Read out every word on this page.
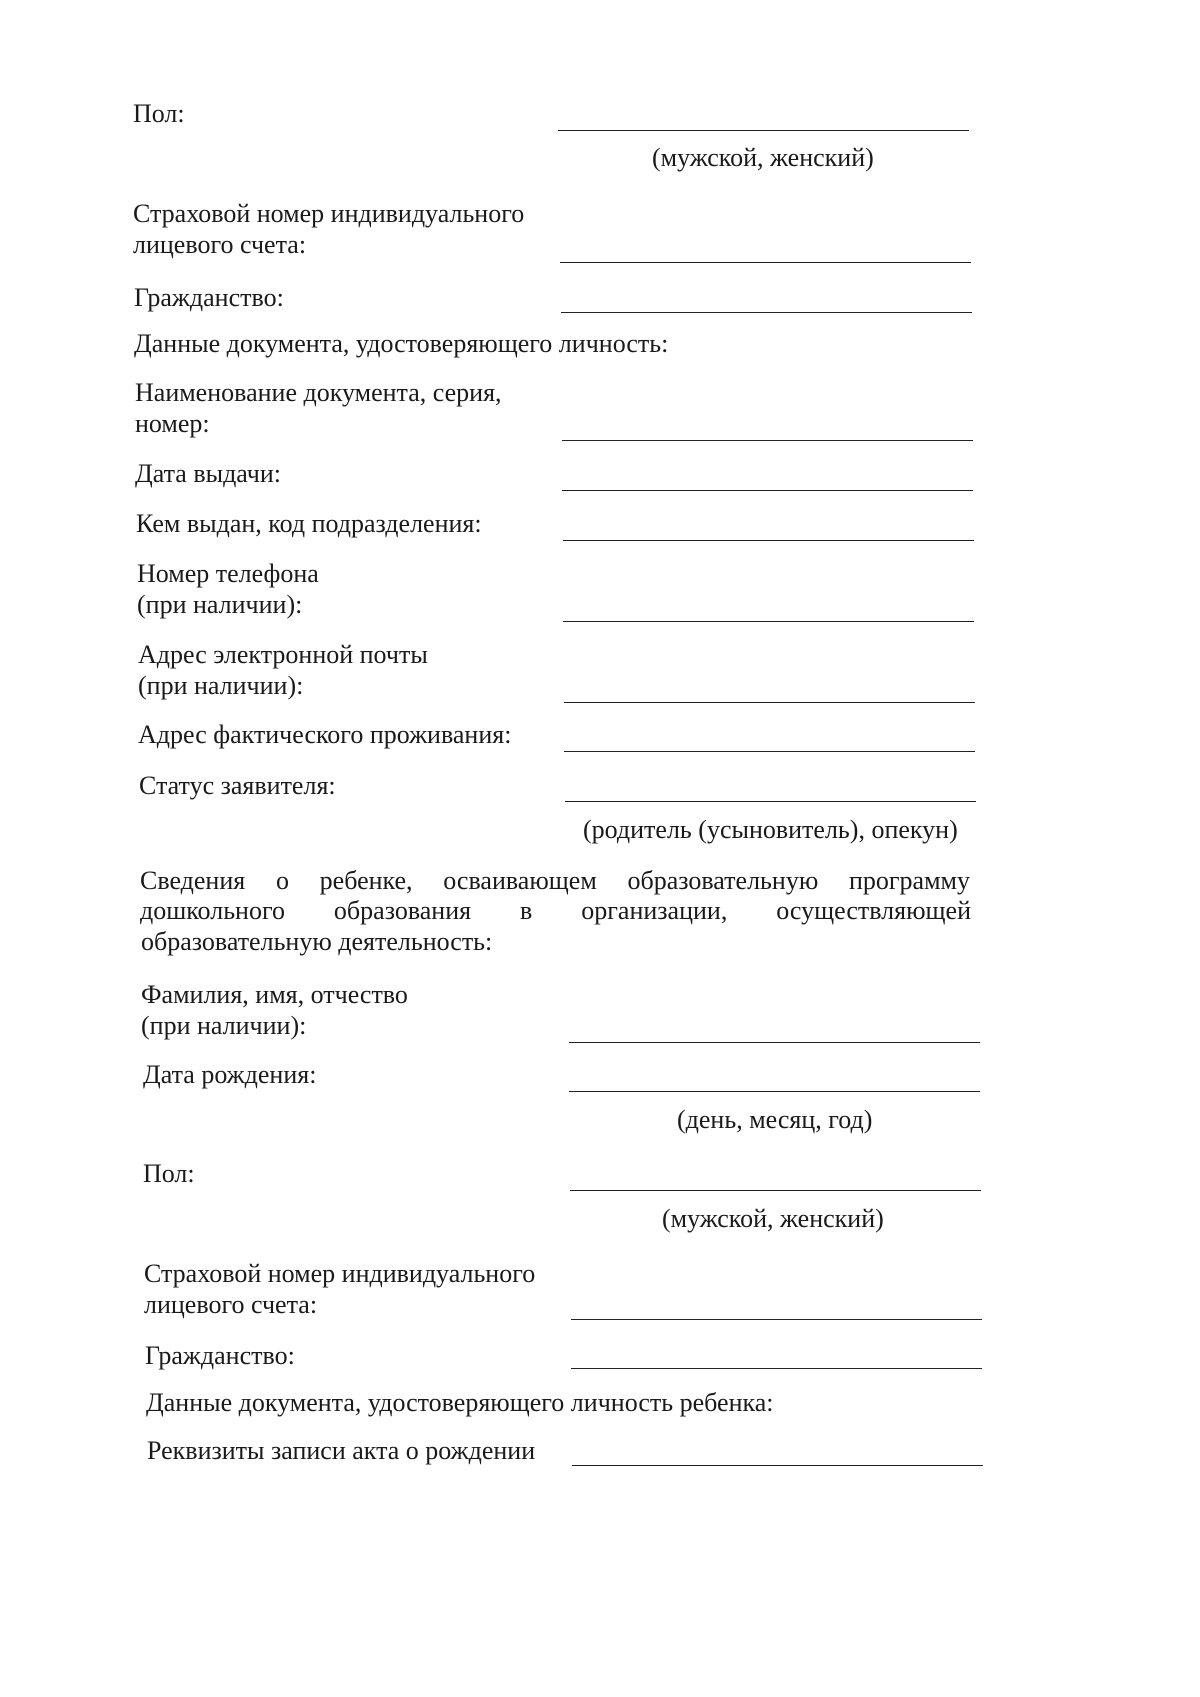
Пол:
(мужской, женский)
Страховой номер индивидуального
лицевого счета:
Гражданство:
Данные документа, удостоверяющего личность:
Наименование документа, серия,
номер:
Дата выдачи:
Кем выдан, код подразделения:
Номер телефона
(при наличии):
Адрес электронной почты
(при наличии):
Адрес фактического проживания:
Статус заявителя:
(родитель (усыновитель), опекун)
Сведения о ребенке, осваивающем образовательную программу
дошкольного образования в организации, осуществляющей
образовательную деятельность:
Фамилия, имя, отчество
(при наличии):
Дата рождения:
(день, месяц, год)
Пол:
(мужской, женский)
Страховой номер индивидуального
лицевого счета:
Гражданство:
Данные документа, удостоверяющего личность ребенка:
Реквизиты записи акта о рождении
